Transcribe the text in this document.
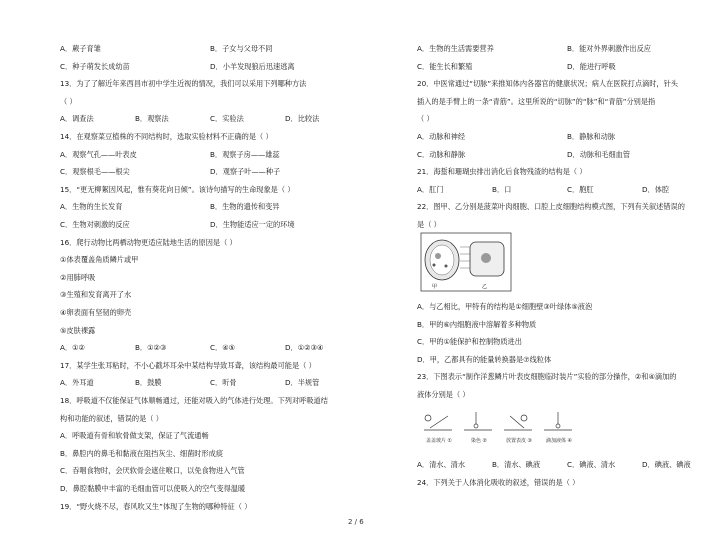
A．蕨子育雏	B．子女与父母不同
C．种子萌发长成幼苗	D．小羊发现狼后迅速逃离
13．为了了解近年来西昌市初中学生近视的情况，我们可以采用下列哪种方法
（ ）
A．调查法	B．观察法	C．实验法	D．比较法
14．在观察菜豆植株的不同结构时，选取实验材料不正确的是（ ）
A．观察气孔——叶表皮	B．观察子房——雄蕊
C．观察根毛——根尖	D．观察子叶——种子
15．“更无柳絮因风起，惟有葵花向日倾”。该诗句描写的生命现象是（ ）
A．生物的生长发育	B．生物的遗传和变异
C．生物对刺激的反应	D．生物能适应一定的环境
16．爬行动物比两栖动物更适应陆地生活的原因是（ ）
①体表覆盖角质鳞片或甲
②用肺呼吸
③生殖和发育离开了水
④卵表面有坚韧的卵壳
⑤皮肤裸露
A．①②	B．①②③	C．④⑤	D．①②③④
17．某学生张耳粘时，不小心戳坏耳朵中某结构导致耳聋，该结构最可能是（ ）
A．外耳道	B．鼓膜	C．听骨	D．半规管
18．呼吸道不仅能保证气体顺畅通过，还能对吸入的气体进行处理。下列对呼吸道结
构和功能的叙述，错误的是（ ）
A．呼吸道有骨和软骨做支架，保证了气流通畅
B．鼻腔内的鼻毛和黏液在阻挡灰尘、细菌时形成痰
C．吞咽食物时，会厌软骨会遮住喉口，以免食物进入气管
D．鼻腔黏膜中丰富的毛细血管可以使吸入的空气变得温暖
19．“野火烧不尽，春风吹又生”体现了生物的哪种特征（ ）
A．生物的生活需要营养	B．能对外界刺激作出反应
C．能生长和繁殖	D．能进行呼吸
20．中医常通过“切脉”来推知体内各器官的健康状况；病人在医院打点滴时，针头
插入的是手臂上的一条“青筋”。这里所说的“切脉”的“脉”和“青筋”分别是指
（ ）
A．动脉和神经	B．静脉和动脉
C．动脉和静脉	D．动脉和毛细血管
21．海蜇和珊瑚虫排出消化后食物残渣的结构是（ ）
A．肛门	B．口	C．胞肛	D．体腔
22．图甲、乙分别是菠菜叶肉细胞、口腔上皮细胞结构模式图，下列有关叙述错误的
是（ ）
A．与乙相比，甲特有的结构是①细胞壁③叶绿体⑤液泡
B．甲的⑥内细胞液中溶解着多种物质
C．甲的①能保护和控制物质进出
D．甲，乙都具有的能量转换器是⑦线粒体
23．下图表示“制作洋葱鳞片叶表皮细胞临时装片”实验的部分操作，②和④滴加的
液体分别是（ ）
A．清水、清水	B．清水、碘液	C．碘液、清水	D．碘液、碘液
24．下列关于人体消化吸收的叙述，错误的是（ ）
甲	乙
盖盖玻片 ①	染色 ②	放置表皮 ③	滴加液体 ④
2 / 6
